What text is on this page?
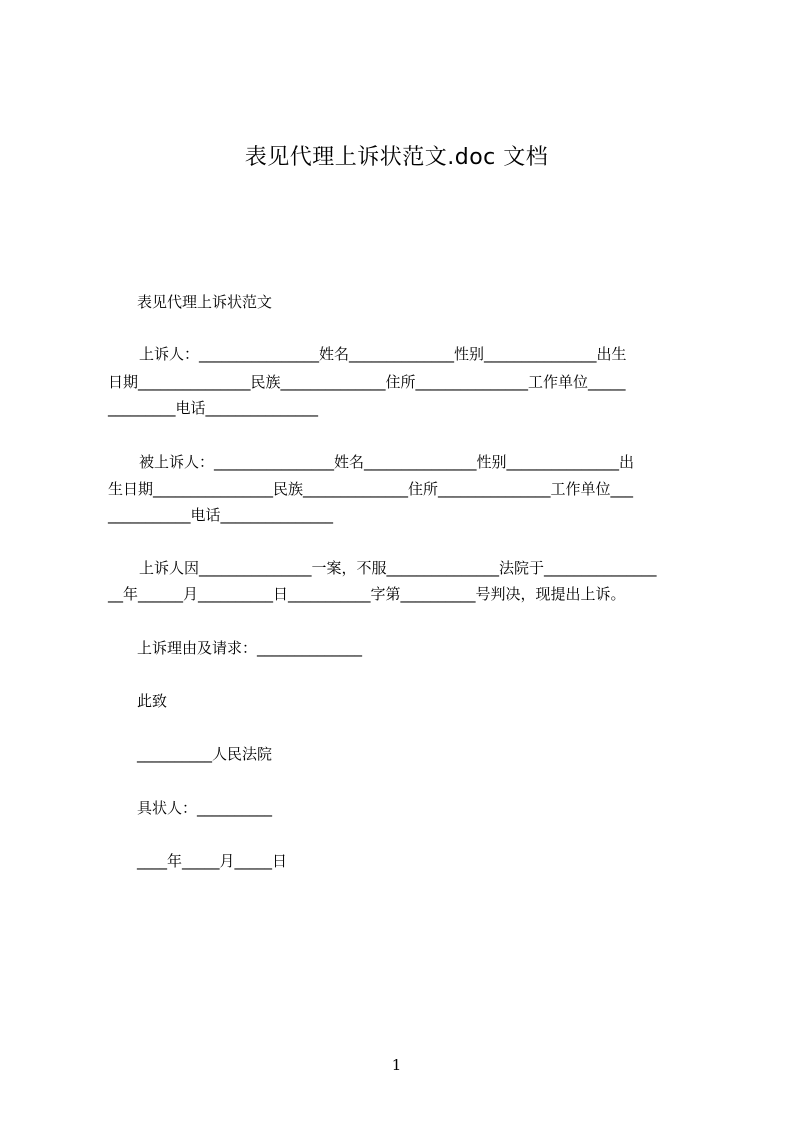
表见代理上诉状范文.doc 文档
表见代理上诉状范文
上诉人：________________姓名______________性别_______________出生
日期_______________民族______________住所_______________工作单位_____
_________电话_______________
被上诉人：________________姓名_______________性别_______________出
生日期________________民族______________住所_______________工作单位___
___________电话_______________
上诉人因_______________一案，不服_______________法院于_______________
__年______月__________日___________字第__________号判决，现提出上诉。
上诉理由及请求：______________
此致
__________人民法院
具状人：__________
____年_____月_____日
1
